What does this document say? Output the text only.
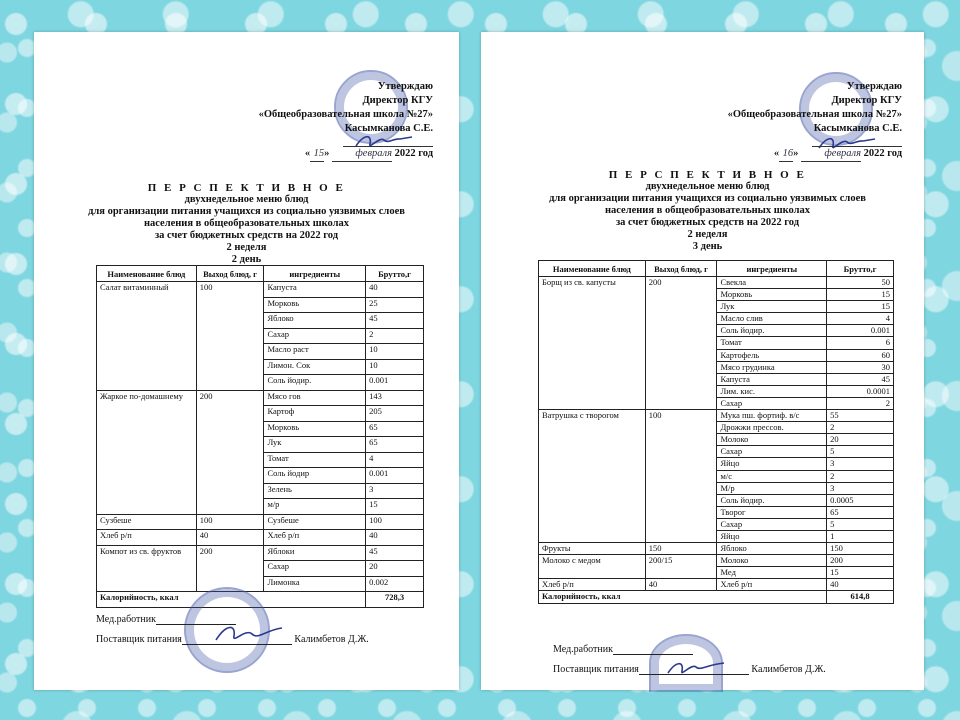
Утверждаю
Директор КГУ
«Общеобразовательная школа №27»
Касымканова С.Е.
« 15» февраля 2022 год
П Е Р С П Е К Т И В Н О Е
двухнедельное меню блюд
для организации питания учащихся из социально уязвимых слоев
населения в общеобразовательных школах
за счет бюджетных средств на 2022 год
2 неделя
2 день
Наименование блюд	Выход блюд, г	ингредиенты	Брутто,г
Салат витаминный	100	Капуста	40
		Морковь	25
		Яблоко	45
		Сахар	2
		Масло раст	10
		Лимон. Сок	10
		Соль йодир.	0.001
Жаркое по-домашнему	200	Мясо гов	143
		Картоф	205
		Морковь	65
		Лук	65
		Томат	4
		Соль йодир	0.001
		Зелень	3
		м/р	15
Сузбеше	100	Сузбеше	100
Хлеб р/п	40	Хлеб р/п	40
Компот из св. фруктов	200	Яблоки	45
		Сахар	20
		Лимонка	0.002
Калорийность, ккал			728,3
Мед.работник
Поставщик питания	Калимбетов Д.Ж.
Утверждаю
Директор КГУ
«Общеобразовательная школа №27»
Касымканова С.Е.
« 16» февраля 2022 год
П Е Р С П Е К Т И В Н О Е
двухнедельное меню блюд
для организации питания учащихся из социально уязвимых слоев
населения в общеобразовательных школах
за счет бюджетных средств на 2022 год
2 неделя
3 день
Наименование блюд	Выход блюд, г	ингредиенты	Брутто,г
Борщ из св. капусты	200	Свекла	50
		Морковь	15
		Лук	15
		Масло слив	4
		Соль йодир.	0.001
		Томат	6
		Картофель	60
		Мясо грудинка	30
		Капуста	45
		Лим. кис.	0.0001
		Сахар	2
Ватрушка с творогом	100	Мука пш. фортиф. в/с	55
		Дрожжи прессов.	2
		Молоко	20
		Сахар	5
		Яйцо	3
		м/с	2
		М/р	3
		Соль йодир.	0.0005
		Творог	65
		Сахар	5
		Яйцо	1
Фрукты	150	Яблоко	150
Молоко с медом	200/15	Молоко	200
		Мед	15
Хлеб р/п	40	Хлеб р/п	40
Калорийность, ккал			614,8
Мед.работник
Поставщик питания	Калимбетов Д.Ж.
